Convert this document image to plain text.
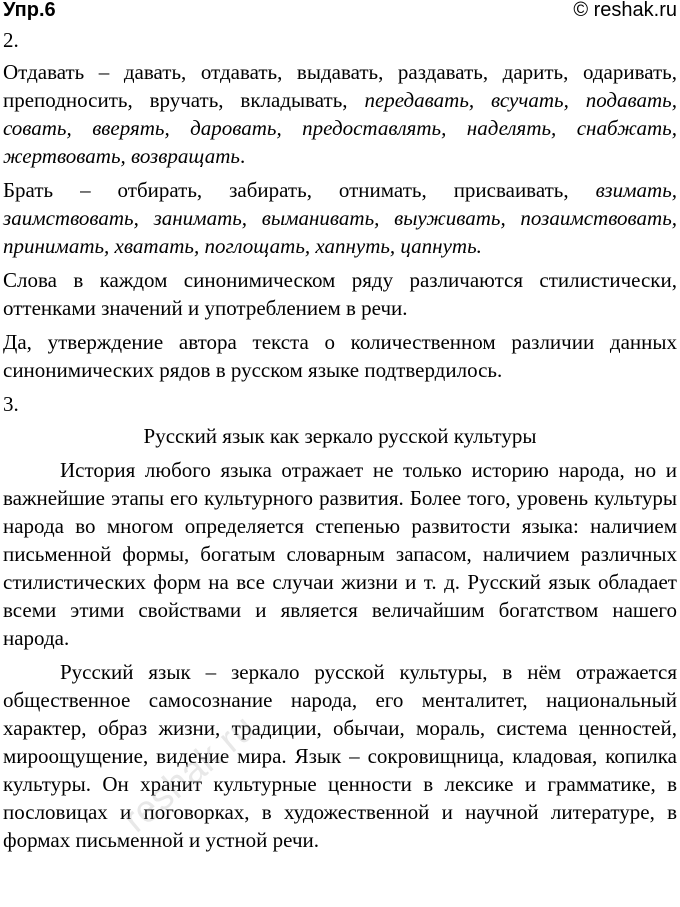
Упр.6	© reshak.ru

2.

Отдавать – давать, отдавать, выдавать, раздавать, дарить, одаривать, преподносить, вручать, вкладывать, передавать, всучать, подавать, совать, вверять, даровать, предоставлять, наделять, снабжать, жертвовать, возвращать.

Брать – отбирать, забирать, отнимать, присваивать, взимать, заимствовать, занимать, выманивать, выуживать, позаимствовать, принимать, хватать, поглощать, хапнуть, цапнуть.

Слова в каждом синонимическом ряду различаются стилистически, оттенками значений и употреблением в речи.

Да, утверждение автора текста о количественном различии данных синонимических рядов в русском языке подтвердилось.

3.

Русский язык как зеркало русской культуры

История любого языка отражает не только историю народа, но и важнейшие этапы его культурного развития. Более того, уровень культуры народа во многом определяется степенью развитости языка: наличием письменной формы, богатым словарным запасом, наличием различных стилистических форм на все случаи жизни и т. д. Русский язык обладает всеми этими свойствами и является величайшим богатством нашего народа.

Русский язык – зеркало русской культуры, в нём отражается общественное самосознание народа, его менталитет, национальный характер, образ жизни, традиции, обычаи, мораль, система ценностей, мироощущение, видение мира. Язык – сокровищница, кладовая, копилка культуры. Он хранит культурные ценности в лексике и грамматике, в пословицах и поговорках, в художественной и научной литературе, в формах письменной и устной речи.

reshak.ru
